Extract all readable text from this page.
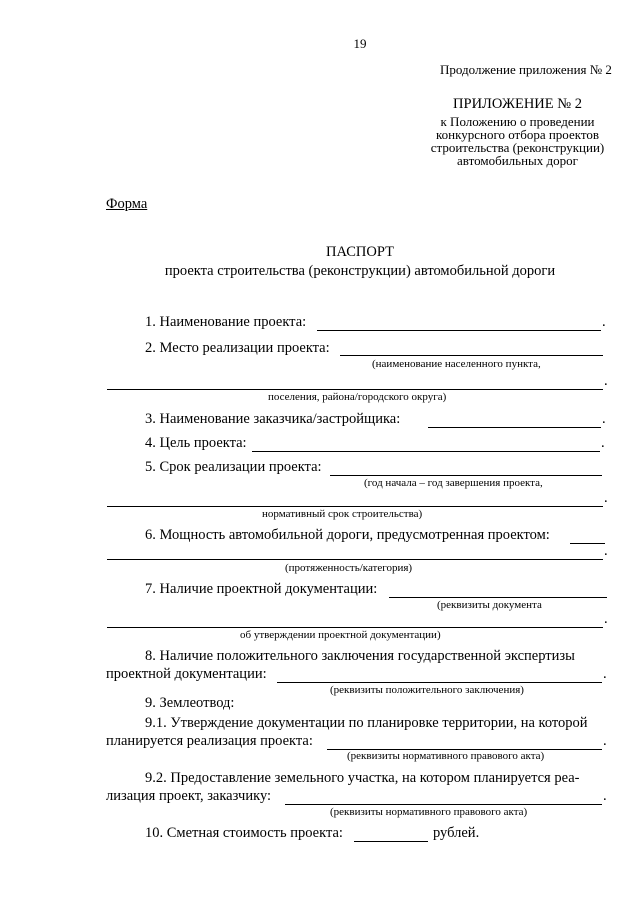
19
Продолжение приложения № 2
ПРИЛОЖЕНИЕ № 2
к Положению о проведении
конкурсного отбора проектов
строительства (реконструкции)
автомобильных дорог
Форма
ПАСПОРТ
проекта строительства (реконструкции) автомобильной дороги
1. Наименование проекта:	.
2. Место реализации проекта:
(наименование населенного пункта,
.
поселения, района/городского округа)
3. Наименование заказчика/застройщика:	.
4. Цель проекта:	.
5. Срок реализации проекта:
(год начала – год завершения проекта,
.
нормативный срок строительства)
6. Мощность автомобильной дороги, предусмотренная проектом:
.
(протяженность/категория)
7. Наличие проектной документации:
(реквизиты документа
.
об утверждении проектной документации)
8. Наличие положительного заключения государственной экспертизы
проектной документации:	.
(реквизиты положительного заключения)
9. Землеотвод:
9.1. Утверждение документации по планировке территории, на которой
планируется реализация проекта:	.
(реквизиты нормативного правового акта)
9.2. Предоставление земельного участка, на котором планируется реа-
лизация проект, заказчику:	.
(реквизиты нормативного правового акта)
10. Сметная стоимость проекта:	рублей.
